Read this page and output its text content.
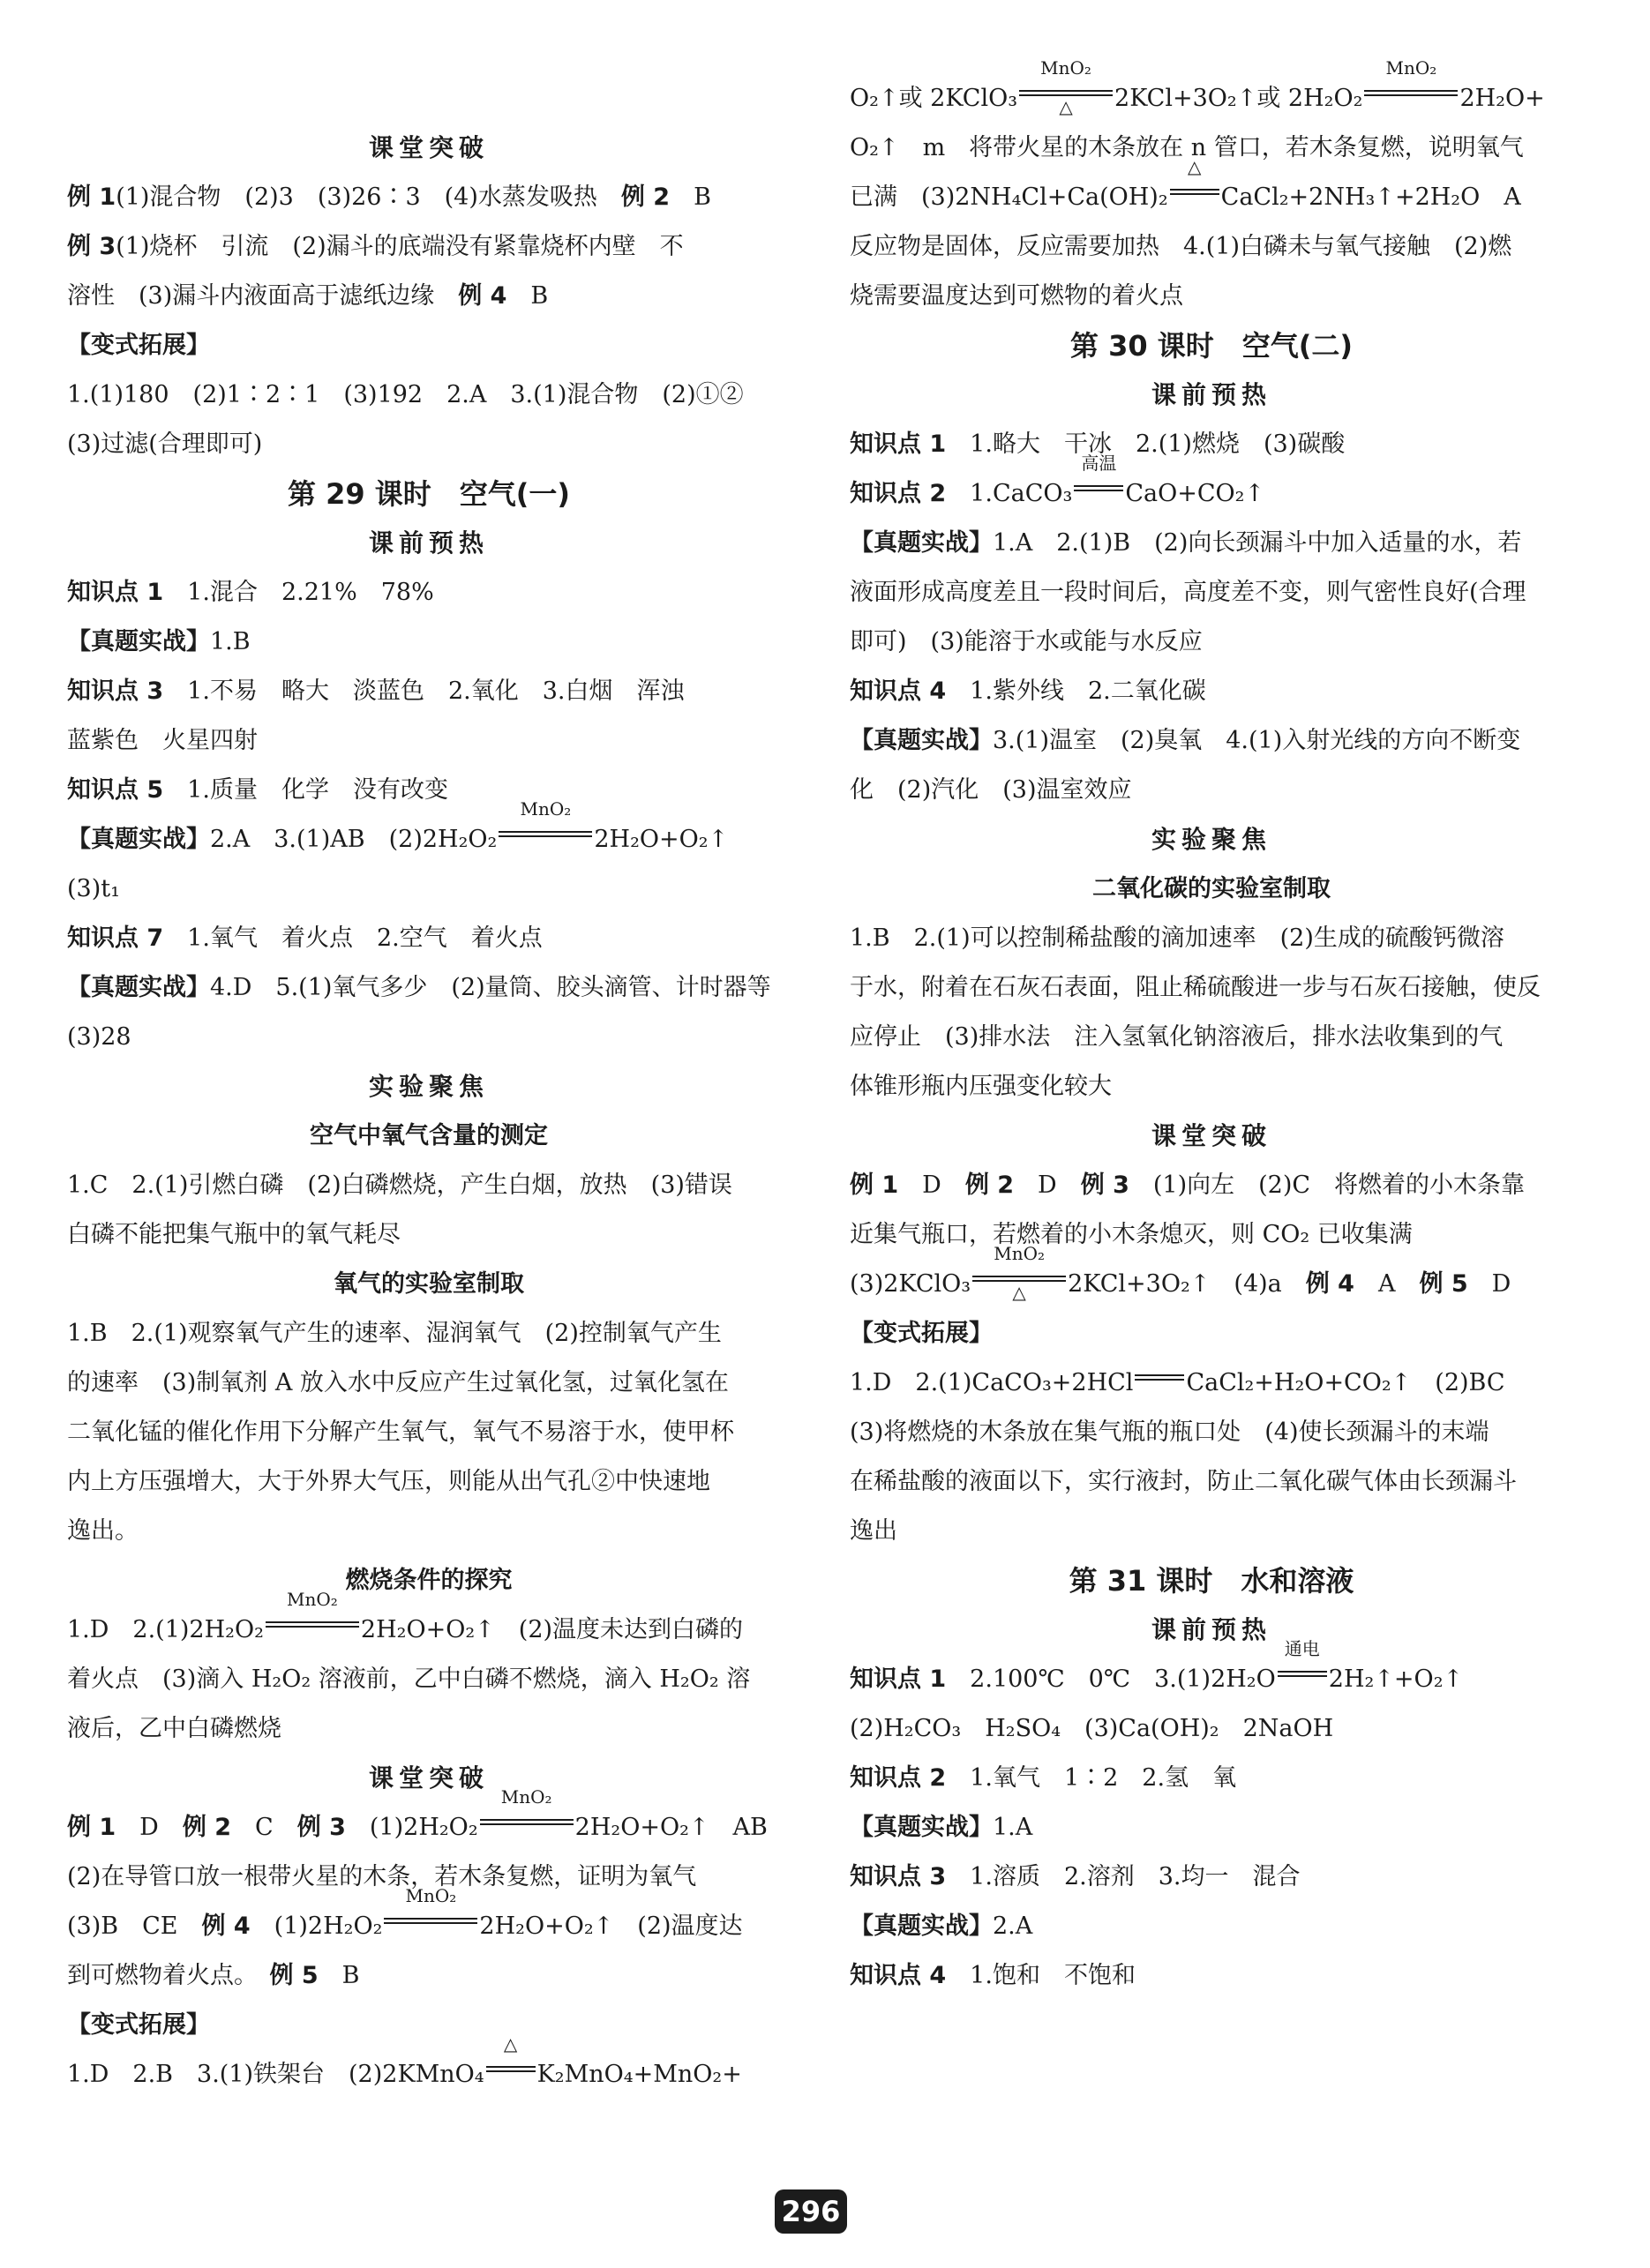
课堂突破

例 1(1)混合物　(2)3　(3)26∶3　(4)水蒸发吸热　例 2　B

例 3(1)烧杯　引流　(2)漏斗的底端没有紧靠烧杯内壁　不

溶性　(3)漏斗内液面高于滤纸边缘　例 4　B

【变式拓展】

1.(1)180　(2)1∶2∶1　(3)192　2.A　3.(1)混合物　(2)①②

(3)过滤(合理即可)

第 29 课时　空气(一)

课前预热

知识点 1　1.混合　2.21%　78%

【真题实战】1.B

知识点 3　1.不易　略大　淡蓝色　2.氧化　3.白烟　浑浊

蓝紫色　火星四射

知识点 5　1.质量　化学　没有改变

【真题实战】2.A　3.(1)AB　(2)2H₂O₂
MnO₂
2H₂O+O₂↑

(3)t₁

知识点 7　1.氧气　着火点　2.空气　着火点

【真题实战】4.D　5.(1)氧气多少　(2)量筒、胶头滴管、计时器等

(3)28

实验聚焦

空气中氧气含量的测定

1.C　2.(1)引燃白磷　(2)白磷燃烧，产生白烟，放热　(3)错误

白磷不能把集气瓶中的氧气耗尽

氧气的实验室制取

1.B　2.(1)观察氧气产生的速率、湿润氧气　(2)控制氧气产生

的速率　(3)制氧剂 A 放入水中反应产生过氧化氢，过氧化氢在

二氧化锰的催化作用下分解产生氧气，氧气不易溶于水，使甲杯

内上方压强增大，大于外界大气压，则能从出气孔②中快速地

逸出。

燃烧条件的探究

1.D　2.(1)2H₂O₂
MnO₂
2H₂O+O₂↑　(2)温度未达到白磷的

着火点　(3)滴入 H₂O₂ 溶液前，乙中白磷不燃烧，滴入 H₂O₂ 溶

液后，乙中白磷燃烧

课堂突破

例 1　D　例 2　C　例 3　(1)2H₂O₂
MnO₂
2H₂O+O₂↑　AB

(2)在导管口放一根带火星的木条，若木条复燃，证明为氧气

(3)B　CE　例 4　(1)2H₂O₂
MnO₂
2H₂O+O₂↑　(2)温度达

到可燃物着火点。　例 5　B

【变式拓展】

1.D　2.B　3.(1)铁架台　(2)2KMnO₄
△
K₂MnO₄+MnO₂+

O₂↑或 2KClO₃
MnO₂
△	2KCl+3O₂↑或 2H₂O₂
MnO₂
2H₂O+

O₂↑　m　将带火星的木条放在 n 管口，若木条复燃，说明氧气

已满　(3)2NH₄Cl+Ca(OH)₂
△
CaCl₂+2NH₃↑+2H₂O　A

反应物是固体，反应需要加热　4.(1)白磷未与氧气接触　(2)燃

烧需要温度达到可燃物的着火点

第 30 课时　空气(二)

课前预热

知识点 1　1.略大　干冰　2.(1)燃烧　(3)碳酸

知识点 2　1.CaCO₃
高温
CaO+CO₂↑

【真题实战】1.A　2.(1)B　(2)向长颈漏斗中加入适量的水，若

液面形成高度差且一段时间后，高度差不变，则气密性良好(合理

即可)　(3)能溶于水或能与水反应

知识点 4　1.紫外线　2.二氧化碳

【真题实战】3.(1)温室　(2)臭氧　4.(1)入射光线的方向不断变

化　(2)汽化　(3)温室效应

实验聚焦

二氧化碳的实验室制取

1.B　2.(1)可以控制稀盐酸的滴加速率　(2)生成的硫酸钙微溶

于水，附着在石灰石表面，阻止稀硫酸进一步与石灰石接触，使反

应停止　(3)排水法　注入氢氧化钠溶液后，排水法收集到的气

体锥形瓶内压强变化较大

课堂突破

例 1　D　例 2　D　例 3　(1)向左　(2)C　将燃着的小木条靠

近集气瓶口，若燃着的小木条熄灭，则 CO₂ 已收集满

(3)2KClO₃
MnO₂
△	2KCl+3O₂↑　(4)a　例 4　A　例 5　D

【变式拓展】

1.D　2.(1)CaCO₃+2HCl CaCl₂+H₂O+CO₂↑　(2)BC

(3)将燃烧的木条放在集气瓶的瓶口处　(4)使长颈漏斗的末端

在稀盐酸的液面以下，实行液封，防止二氧化碳气体由长颈漏斗

逸出

第 31 课时　水和溶液

课前预热

知识点 1　2.100℃　0℃　3.(1)2H₂O
通电
2H₂↑+O₂↑

(2)H₂CO₃　H₂SO₄　(3)Ca(OH)₂　2NaOH

知识点 2　1.氧气　1∶2　2.氢　氧

【真题实战】1.A

知识点 3　1.溶质　2.溶剂　3.均一　混合

【真题实战】2.A

知识点 4　1.饱和　不饱和

296
